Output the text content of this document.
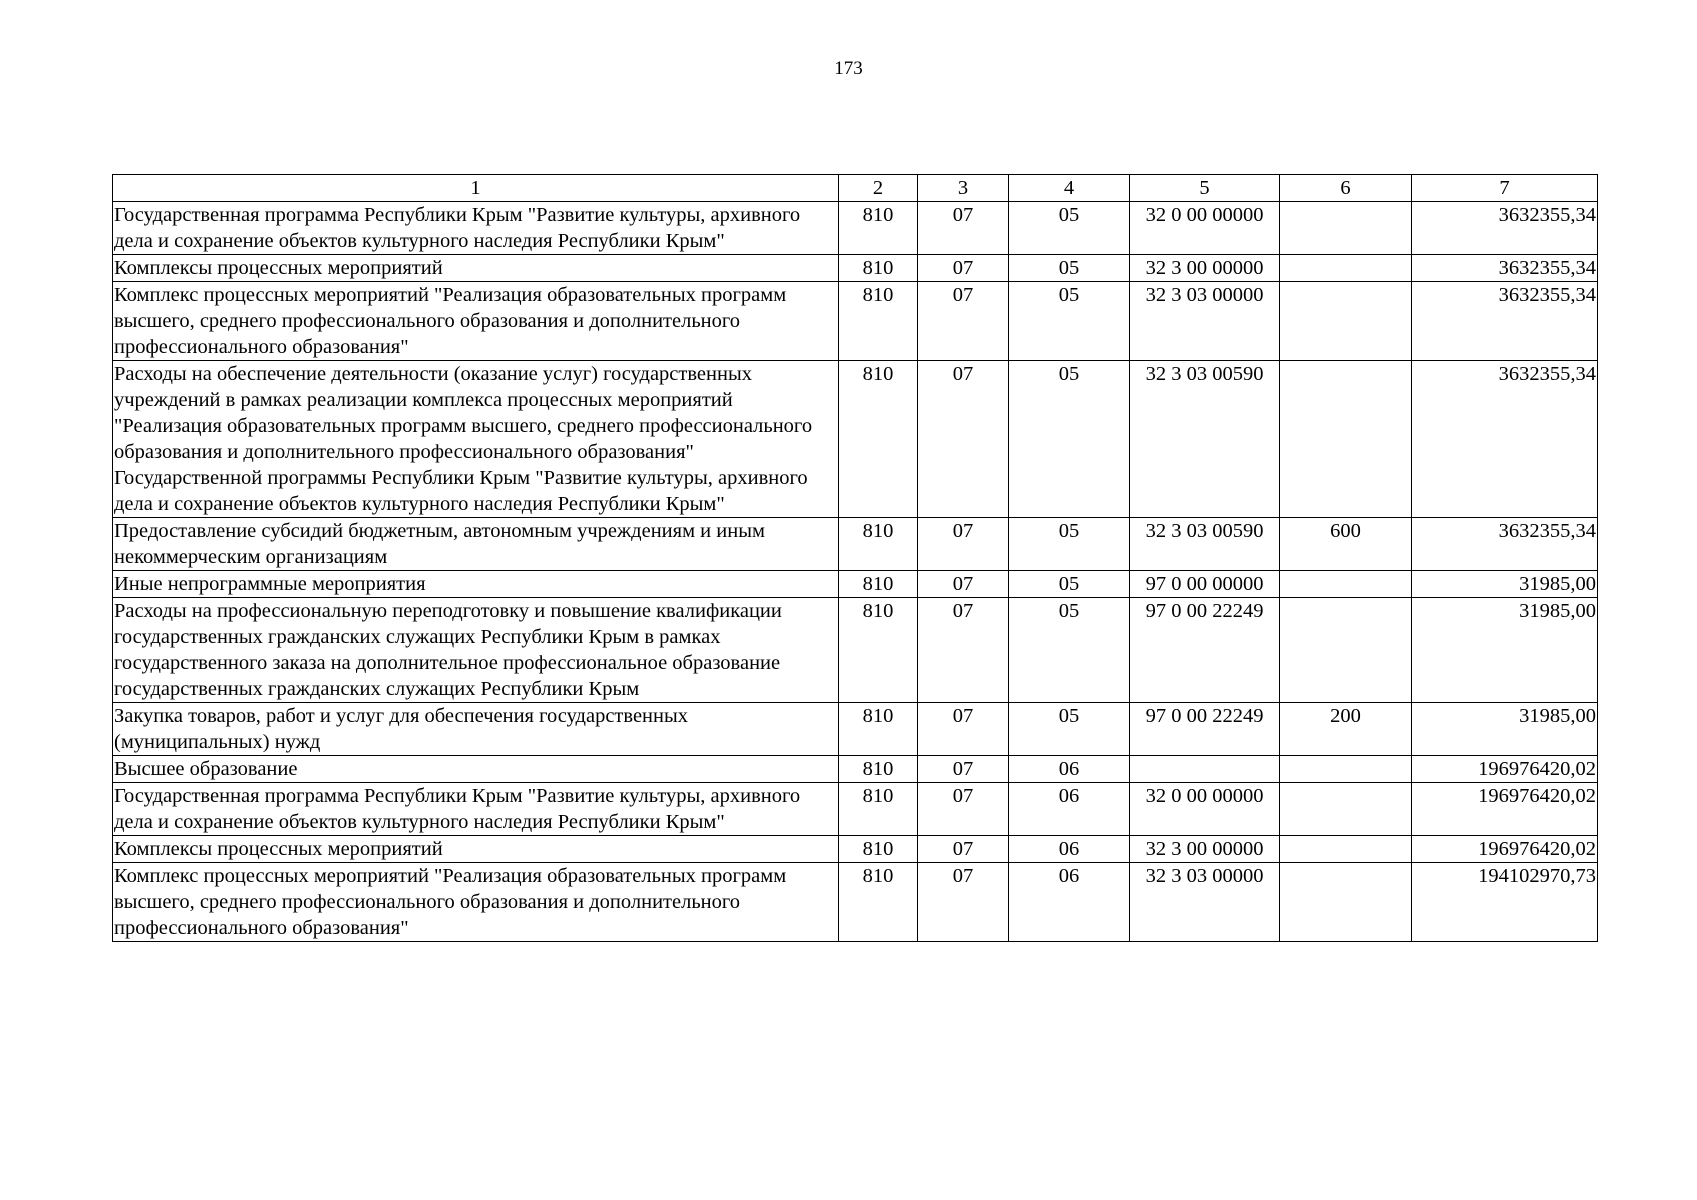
173
1	2	3	4	5	6	7
Государственная программа Республики Крым "Развитие культуры, архивного дела и сохранение объектов культурного наследия Республики Крым"	810	07	05	32 0 00 00000		3632355,34
Комплексы процессных мероприятий	810	07	05	32 3 00 00000		3632355,34
Комплекс процессных мероприятий "Реализация образовательных программ высшего, среднего профессионального образования и дополнительного профессионального образования"	810	07	05	32 3 03 00000		3632355,34
Расходы на обеспечение деятельности (оказание услуг) государственных учреждений в рамках реализации комплекса процессных мероприятий "Реализация образовательных программ высшего, среднего профессионального образования и дополнительного профессионального образования" Государственной программы Республики Крым "Развитие культуры, архивного дела и сохранение объектов культурного наследия Республики Крым"	810	07	05	32 3 03 00590		3632355,34
Предоставление субсидий бюджетным, автономным учреждениям и иным некоммерческим организациям	810	07	05	32 3 03 00590	600	3632355,34
Иные непрограммные мероприятия	810	07	05	97 0 00 00000		31985,00
Расходы на профессиональную переподготовку и повышение квалификации государственных гражданских служащих Республики Крым в рамках государственного заказа на дополнительное профессиональное образование государственных гражданских служащих Республики Крым	810	07	05	97 0 00 22249		31985,00
Закупка товаров, работ и услуг для обеспечения государственных (муниципальных) нужд	810	07	05	97 0 00 22249	200	31985,00
Высшее образование	810	07	06			196976420,02
Государственная программа Республики Крым "Развитие культуры, архивного дела и сохранение объектов культурного наследия Республики Крым"	810	07	06	32 0 00 00000		196976420,02
Комплексы процессных мероприятий	810	07	06	32 3 00 00000		196976420,02
Комплекс процессных мероприятий "Реализация образовательных программ высшего, среднего профессионального образования и дополнительного профессионального образования"	810	07	06	32 3 03 00000		194102970,73
